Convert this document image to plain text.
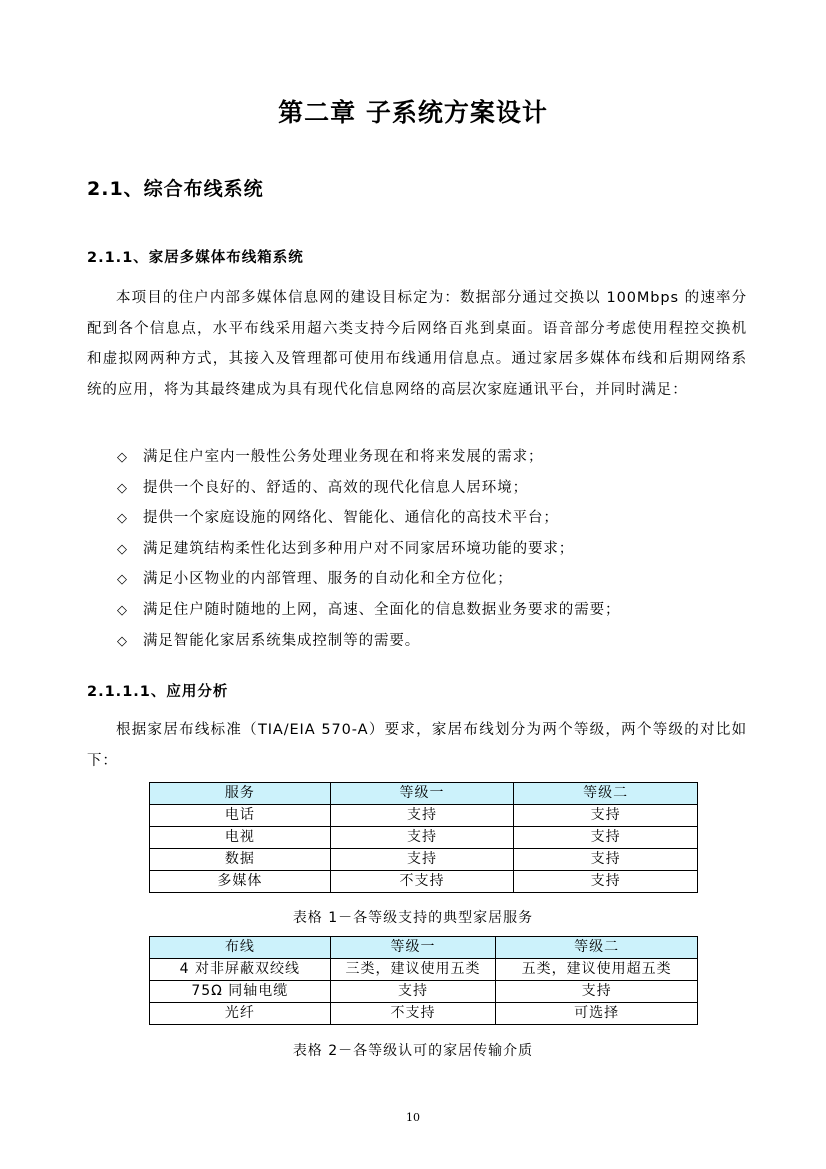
第二章 子系统方案设计
2.1、综合布线系统
2.1.1、家居多媒体布线箱系统

本项目的住户内部多媒体信息网的建设目标定为：数据部分通过交换以 100Mbps 的速率分配到各个信息点，水平布线采用超六类支持今后网络百兆到桌面。语音部分考虑使用程控交换机和虚拟网两种方式，其接入及管理都可使用布线通用信息点。通过家居多媒体布线和后期网络系统的应用，将为其最终建成为具有现代化信息网络的高层次家庭通讯平台，并同时满足：

◇ 满足住户室内一般性公务处理业务现在和将来发展的需求；
◇ 提供一个良好的、舒适的、高效的现代化信息人居环境；
◇ 提供一个家庭设施的网络化、智能化、通信化的高技术平台；
◇ 满足建筑结构柔性化达到多种用户对不同家居环境功能的要求；
◇ 满足小区物业的内部管理、服务的自动化和全方位化；
◇ 满足住户随时随地的上网，高速、全面化的信息数据业务要求的需要；
◇ 满足智能化家居系统集成控制等的需要。
2.1.1.1、应用分析

根据家居布线标准（TIA/EIA 570-A）要求，家居布线划分为两个等级，两个等级的对比如下：

服务	等级一	等级二
电话	支持	支持
电视	支持	支持
数据	支持	支持
多媒体	不支持	支持
表格 1－各等级支持的典型家居服务
布线	等级一	等级二
4 对非屏蔽双绞线	三类，建议使用五类	五类，建议使用超五类
75Ω 同轴电缆	支持	支持
光纤	不支持	可选择
表格 2－各等级认可的家居传输介质
10
